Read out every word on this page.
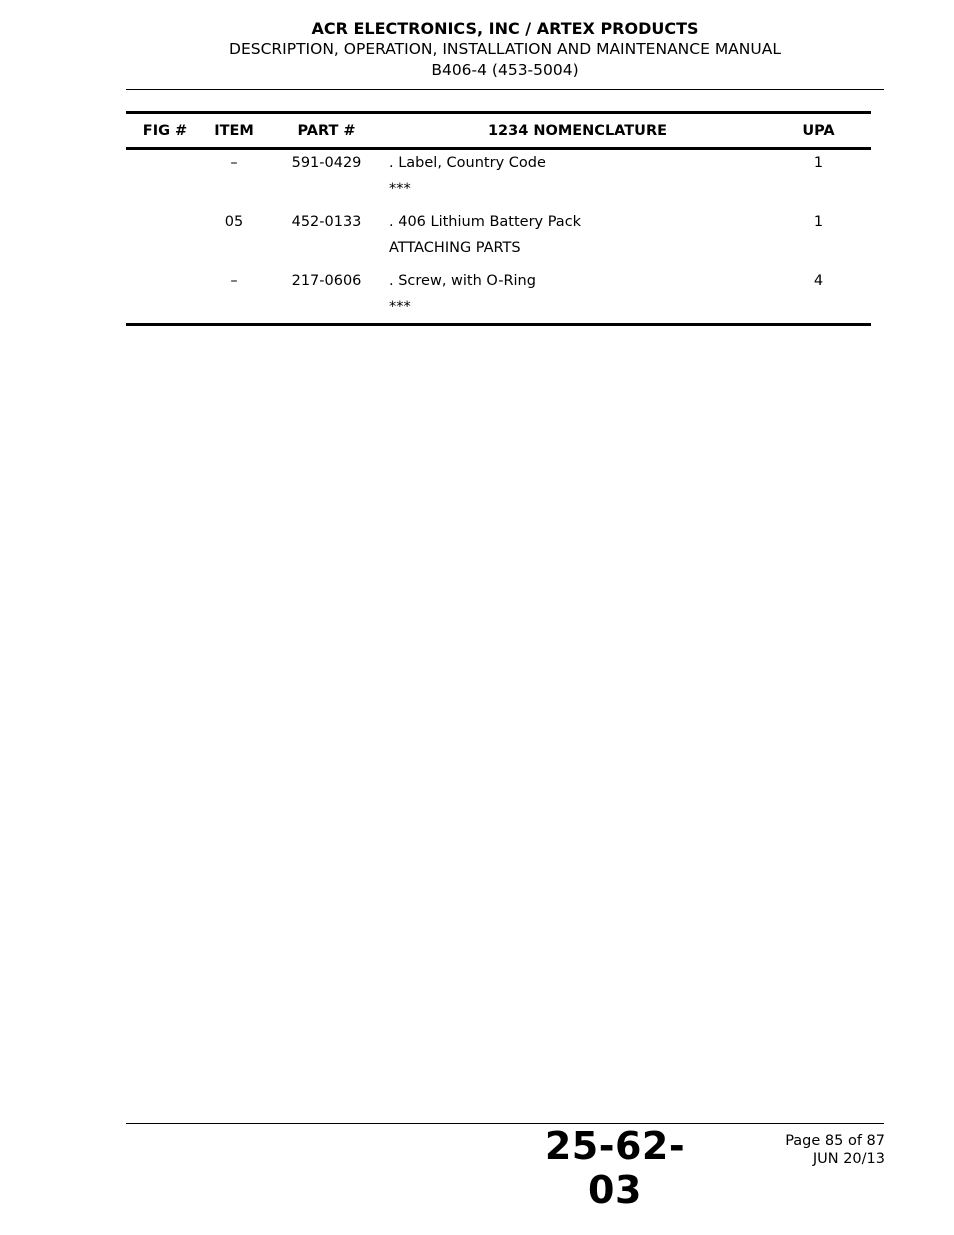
ACR ELECTRONICS, INC / ARTEX PRODUCTS
DESCRIPTION, OPERATION, INSTALLATION AND MAINTENANCE MANUAL
B406-4 (453-5004)
FIG #	ITEM	PART #	1234 NOMENCLATURE	UPA
	–	591-0429	. Label, Country Code	1
			***	
	05	452-0133	. 406 Lithium Battery Pack	1
			ATTACHING PARTS	
	–	217-0606	. Screw, with O-Ring	4
			***	
25-62-03
Page 85 of 87
JUN 20/13
